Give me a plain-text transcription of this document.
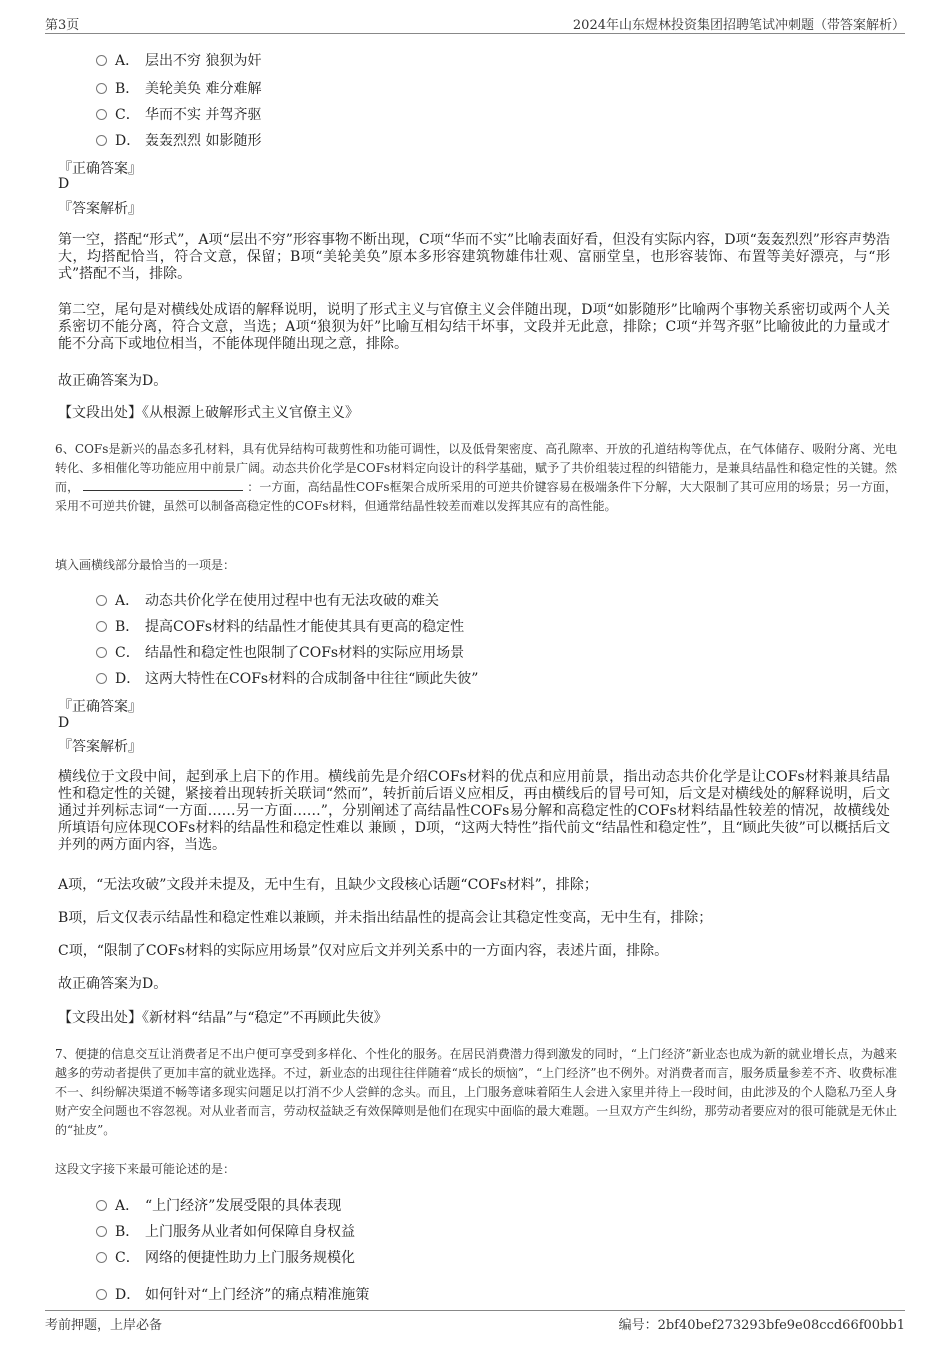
第3页	2024年山东煜林投资集团招聘笔试冲刺题（带答案解析）
A． 层出不穷 狼狈为奸
B． 美轮美奂 难分难解
C． 华而不实 并驾齐驱
D． 轰轰烈烈 如影随形
『正确答案』
D
『答案解析』
第一空，搭配“形式”，A项“层出不穷”形容事物不断出现，C项“华而不实”比喻表面好看，但没有实际内容，D项“轰轰烈烈”形容声势浩大，均搭配恰当，符合文意，保留；B项“美轮美奂”原本多形容建筑物雄伟壮观、富丽堂皇，也形容装饰、布置等美好漂亮，与“形式”搭配不当，排除。
第二空，尾句是对横线处成语的解释说明，说明了形式主义与官僚主义会伴随出现，D项“如影随形”比喻两个事物关系密切或两个人关系密切不能分离，符合文意，当选；A项“狼狈为奸”比喻互相勾结干坏事，文段并无此意，排除；C项“并驾齐驱”比喻彼此的力量或才能不分高下或地位相当，不能体现伴随出现之意，排除。
故正确答案为D。
【文段出处】《从根源上破解形式主义官僚主义》
6、COFs是新兴的晶态多孔材料，具有优异结构可裁剪性和功能可调性，以及低骨架密度、高孔隙率、开放的孔道结构等优点，在气体储存、吸附分离、光电转化、多相催化等功能应用中前景广阔。动态共价化学是COFs材料定向设计的科学基础，赋予了共价组装过程的纠错能力，是兼具结晶性和稳定性的关键。然而，	：一方面，高结晶性COFs框架合成所采用的可逆共价键容易在极端条件下分解，大大限制了其可应用的场景；另一方面，采用不可逆共价键，虽然可以制备高稳定性的COFs材料，但通常结晶性较差而难以发挥其应有的高性能。
填入画横线部分最恰当的一项是：
A． 动态共价化学在使用过程中也有无法攻破的难关
B． 提高COFs材料的结晶性才能使其具有更高的稳定性
C． 结晶性和稳定性也限制了COFs材料的实际应用场景
D． 这两大特性在COFs材料的合成制备中往往“顾此失彼”
『正确答案』
D
『答案解析』
横线位于文段中间，起到承上启下的作用。横线前先是介绍COFs材料的优点和应用前景，指出动态共价化学是让COFs材料兼具结晶性和稳定性的关键，紧接着出现转折关联词“然而”，转折前后语义应相反，再由横线后的冒号可知，后文是对横线处的解释说明，后文通过并列标志词“一方面……另一方面……”，分别阐述了高结晶性COFs易分解和高稳定性的COFs材料结晶性较差的情况，故横线处所填语句应体现COFs材料的结晶性和稳定性难以 兼顾 ，D项，“这两大特性”指代前文“结晶性和稳定性”，且“顾此失彼”可以概括后文并列的两方面内容，当选。
A项，“无法攻破”文段并未提及，无中生有，且缺少文段核心话题“COFs材料”，排除；
B项，后文仅表示结晶性和稳定性难以兼顾，并未指出结晶性的提高会让其稳定性变高，无中生有，排除；
C项，“限制了COFs材料的实际应用场景”仅对应后文并列关系中的一方面内容，表述片面，排除。
故正确答案为D。
【文段出处】《新材料“结晶”与“稳定”不再顾此失彼》
7、便捷的信息交互让消费者足不出户便可享受到多样化、个性化的服务。在居民消费潜力得到激发的同时，“上门经济”新业态也成为新的就业增长点，为越来越多的劳动者提供了更加丰富的就业选择。不过，新业态的出现往往伴随着“成长的烦恼”，“上门经济”也不例外。对消费者而言，服务质量参差不齐、收费标准不一、纠纷解决渠道不畅等诸多现实问题足以打消不少人尝鲜的念头。而且，上门服务意味着陌生人会进入家里并待上一段时间，由此涉及的个人隐私乃至人身财产安全问题也不容忽视。对从业者而言，劳动权益缺乏有效保障则是他们在现实中面临的最大难题。一旦双方产生纠纷，那劳动者要应对的很可能就是无休止的“扯皮”。
这段文字接下来最可能论述的是：
A． “上门经济”发展受限的具体表现
B． 上门服务从业者如何保障自身权益
C． 网络的便捷性助力上门服务规模化
D． 如何针对“上门经济”的痛点精准施策
考前押题，上岸必备	编号：2bf40bef273293bfe9e08ccd66f00bb1
